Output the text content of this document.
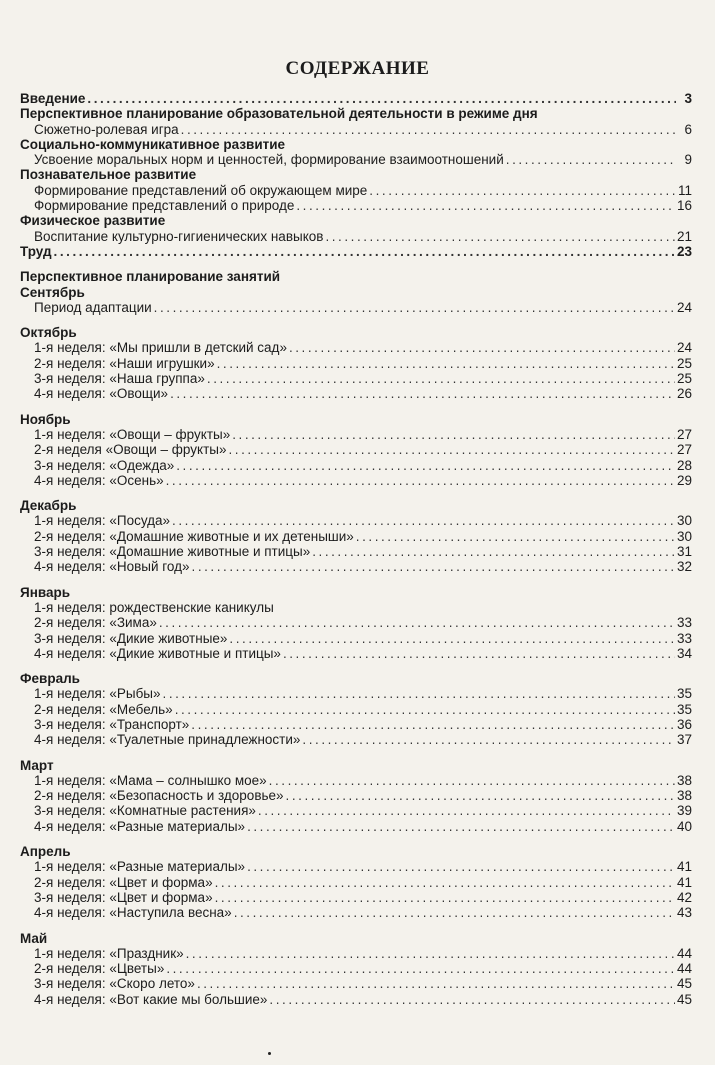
СОДЕРЖАНИЕ
Введение . . .	3
Перспективное планирование образовательной деятельности в режиме дня
Сюжетно-ролевая игра . . .	6
Социально-коммуникативное развитие
Усвоение моральных норм и ценностей, формирование взаимоотношений . . .	9
Познавательное развитие
Формирование представлений об окружающем мире . . .	11
Формирование представлений о природе . . .	16
Физическое развитие
Воспитание культурно-гигиенических навыков . . .	21
Труд . . .	23
Перспективное планирование занятий
Сентябрь
Период адаптации . . .	24
Октябрь
1-я неделя: «Мы пришли в детский сад» . . .	24
2-я неделя: «Наши игрушки» . . .	25
3-я неделя: «Наша группа» . . .	25
4-я неделя: «Овощи» . . .	26
Ноябрь
1-я неделя: «Овощи – фрукты» . . .	27
2-я неделя «Овощи – фрукты» . . .	27
3-я неделя: «Одежда» . . .	28
4-я неделя: «Осень» . . .	29
Декабрь
1-я неделя: «Посуда» . . .	30
2-я неделя: «Домашние животные и их детеныши» . . .	30
3-я неделя: «Домашние животные и птицы» . . .	31
4-я неделя: «Новый год» . . .	32
Январь
1-я неделя: рождественские каникулы
2-я неделя: «Зима» . . .	33
3-я неделя: «Дикие животные» . . .	33
4-я неделя: «Дикие животные и птицы» . . .	34
Февраль
1-я неделя: «Рыбы» . . .	35
2-я неделя: «Мебель» . . .	35
3-я неделя: «Транспорт» . . .	36
4-я неделя: «Туалетные принадлежности» . . .	37
Март
1-я неделя: «Мама – солнышко мое» . . .	38
2-я неделя: «Безопасность и здоровье» . . .	38
3-я неделя: «Комнатные растения» . . .	39
4-я неделя: «Разные материалы» . . .	40
Апрель
1-я неделя: «Разные материалы» . . .	41
2-я неделя: «Цвет и форма» . . .	41
3-я неделя: «Цвет и форма» . . .	42
4-я неделя: «Наступила весна» . . .	43
Май
1-я неделя: «Праздник» . . .	44
2-я неделя: «Цветы» . . .	44
3-я неделя: «Скоро лето» . . .	45
4-я неделя: «Вот какие мы большие» . . .	45
